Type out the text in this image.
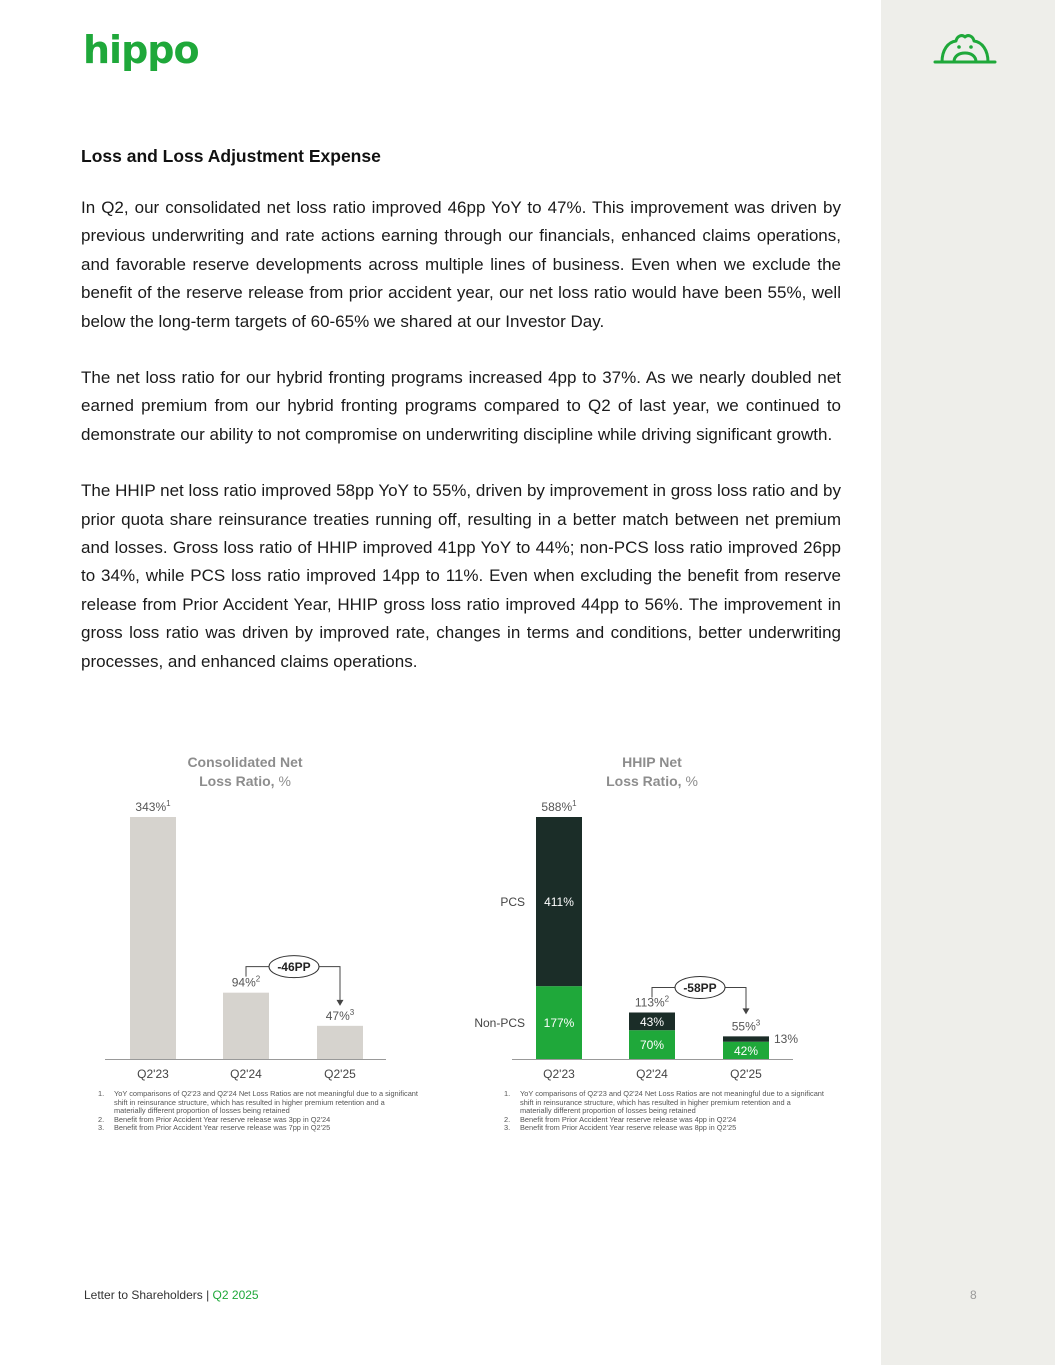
hippo

Loss and Loss Adjustment Expense

In Q2, our consolidated net loss ratio improved 46pp YoY to 47%. This improvement was driven by previous underwriting and rate actions earning through our financials, enhanced claims operations, and favorable reserve developments across multiple lines of business. Even when we exclude the benefit of the reserve release from prior accident year, our net loss ratio would have been 55%, well below the long-term targets of 60-65% we shared at our Investor Day.

The net loss ratio for our hybrid fronting programs increased 4pp to 37%. As we nearly doubled net earned premium from our hybrid fronting programs compared to Q2 of last year, we continued to demonstrate our ability to not compromise on underwriting discipline while driving significant growth.

The HHIP net loss ratio improved 58pp YoY to 55%, driven by improvement in gross loss ratio and by prior quota share reinsurance treaties running off, resulting in a better match between net premium and losses. Gross loss ratio of HHIP improved 41pp YoY to 44%; non-PCS loss ratio improved 26pp to 34%, while PCS loss ratio improved 14pp to 11%. Even when excluding the benefit from reserve release from Prior Accident Year, HHIP gross loss ratio improved 44pp to 56%. The improvement in gross loss ratio was driven by improved rate, changes in terms and conditions, better underwriting processes, and enhanced claims operations.

Consolidated Net
Loss Ratio, %
343%$^1$
Q2'23
94%$^2$
Q2'24
47%$^3$
Q2'25
-46PP
1. YoY comparisons of Q2'23 and Q2'24 Net Loss Ratios are not meaningful due to a significant shift in reinsurance structure, which has resulted in higher premium retention and a materially different proportion of losses being retained
2. Benefit from Prior Accident Year reserve release was 3pp in Q2'24
3. Benefit from Prior Accident Year reserve release was 7pp in Q2'25
HHIP Net
Loss Ratio, %
177%
411%
588%$^1$
Q2'23
70%
43%
113%$^2$
Q2'24
42%
13%
55%$^3$
Q2'25
Non-PCS
PCS
-58PP
1. YoY comparisons of Q2'23 and Q2'24 Net Loss Ratios are not meaningful due to a significant shift in reinsurance structure, which has resulted in higher premium retention and a materially different proportion of losses being retained
2. Benefit from Prior Accident Year reserve release was 4pp in Q2'24
3. Benefit from Prior Accident Year reserve release was 8pp in Q2'25
Letter to Shareholders | Q2 2025	8
